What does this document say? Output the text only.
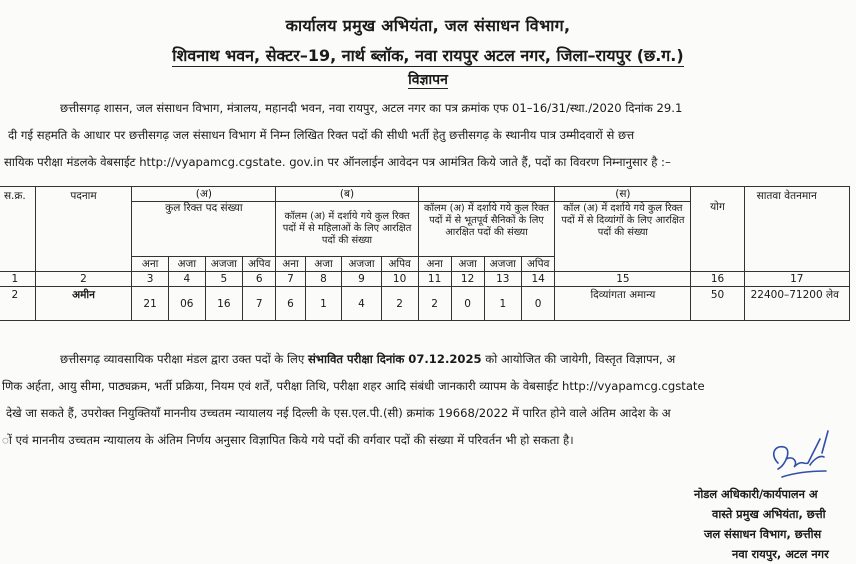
कार्यालय प्रमुख अभियंता, जल संसाधन विभाग,
शिवनाथ भवन, सेक्टर–19, नार्थ ब्लॉक, नवा रायपुर अटल नगर, जिला–रायपुर (छ.ग.)
विज्ञापन
छत्तीसगढ़ शासन, जल संसाधन विभाग, मंत्रालय, महानदी भवन, नवा रायपुर, अटल नगर का पत्र क्रमांक एफ 01–16/31/स्था./2020 दिनांक 29.1
दी गई सहमति के आधार पर छत्तीसगढ़ जल संसाधन विभाग में निम्न लिखित रिक्त पदों की सीधी भर्ती हेतु छत्तीसगढ़ के स्थानीय पात्र उम्मीदवारों से छत्त
सायिक परीक्षा मंडलके वेबसाईट http://vyapamcg.cgstate. gov.in पर ऑनलाईन आवेदन पत्र आमंत्रित किये जाते हैं, पदों का विवरण निम्नानुसार है :–
स.क्र.	पदनाम	(अ)				(ब)								(स)	योग	सातवा वेतनमान
		कुल रिक्त पद संख्या				कॉलम (अ) में दर्शाये गये कुल रिक्त पदों में से महिलाओं के लिए आरक्षित पदों की संख्या				कॉलम (अ) में दर्शाये गये कुल रिक्त पदों में से भूतपूर्व सैनिकों के लिए आरक्षित पदों की संख्या				कॉल (अ) में दर्शाये गये कुल रिक्त पदों में से दिव्यांगों के लिए आरक्षित पदों की संख्या		
		अना	अजा	अजजा	अपिव	अना	अजा	अजजा	अपिव	अना	अजा	अजजा	अपिव			
1	2	3	4	5	6	7	8	9	10	11	12	13	14	15	16	17
2	अमीन	21	06	16	7	6	1	4	2	2	0	1	0	दिव्यांगता अमान्य	50	22400–71200 लेव
छत्तीसगढ़ व्यावसायिक परीक्षा मंडल द्वारा उक्त पदों के लिए संभावित परीक्षा दिनांक 07.12.2025 को आयोजित की जायेगी, विस्तृत विज्ञापन, अ
णिक अर्हता, आयु सीमा, पाठ्यक्रम, भर्ती प्रक्रिया, नियम एवं शर्तें, परीक्षा तिथि, परीक्षा शहर आदि संबंधी जानकारी व्यापम के वेबसाईट http://vyapamcg.cgstate
देखे जा सकते हैं, उपरोक्त नियुक्तियाँ माननीय उच्चतम न्यायालय नई दिल्ली के एस.एल.पी.(सी) क्रमांक 19668/2022 में पारित होने वाले अंतिम आदेश के अ
ों एवं माननीय उच्चतम न्यायालय के अंतिम निर्णय अनुसार विज्ञापित किये गये पदों की वर्गवार पदों की संख्या में परिवर्तन भी हो सकता है।
नोडल अधिकारी/कार्यपालन अ
वास्ते प्रमुख अभियंता, छत्ती
जल संसाधन विभाग, छत्तीस
नवा रायपुर, अटल नगर
